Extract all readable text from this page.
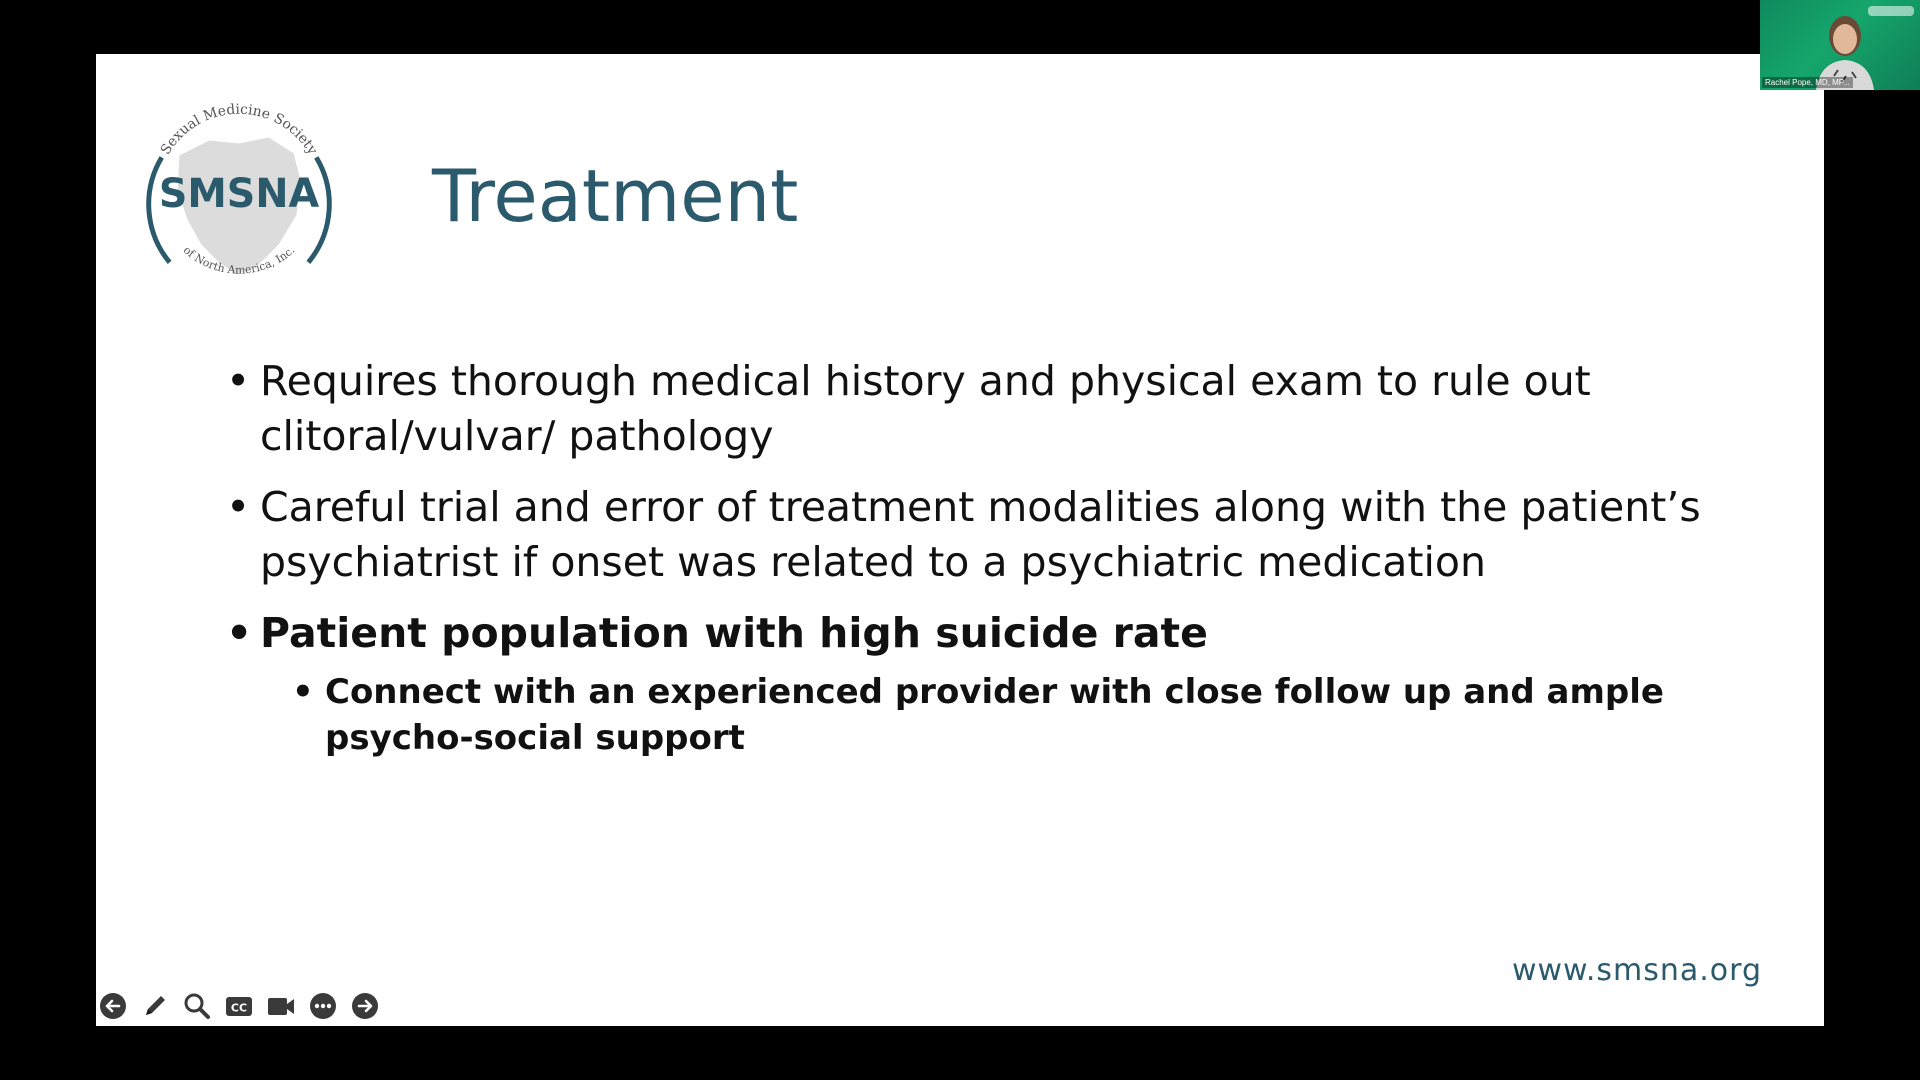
Sexual Medicine Society
of North America, Inc.
SMSNA Treatment
• Requires thorough medical history and physical exam to rule out clitoral/vulvar/ pathology
• Careful trial and error of treatment modalities along with the patient’s psychiatrist if onset was related to a psychiatric medication
• Patient population with high suicide rate
• Connect with an experienced provider with close follow up and ample psycho-social support
www.smsna.org
CC
Rachel Pope, MD, MP...
